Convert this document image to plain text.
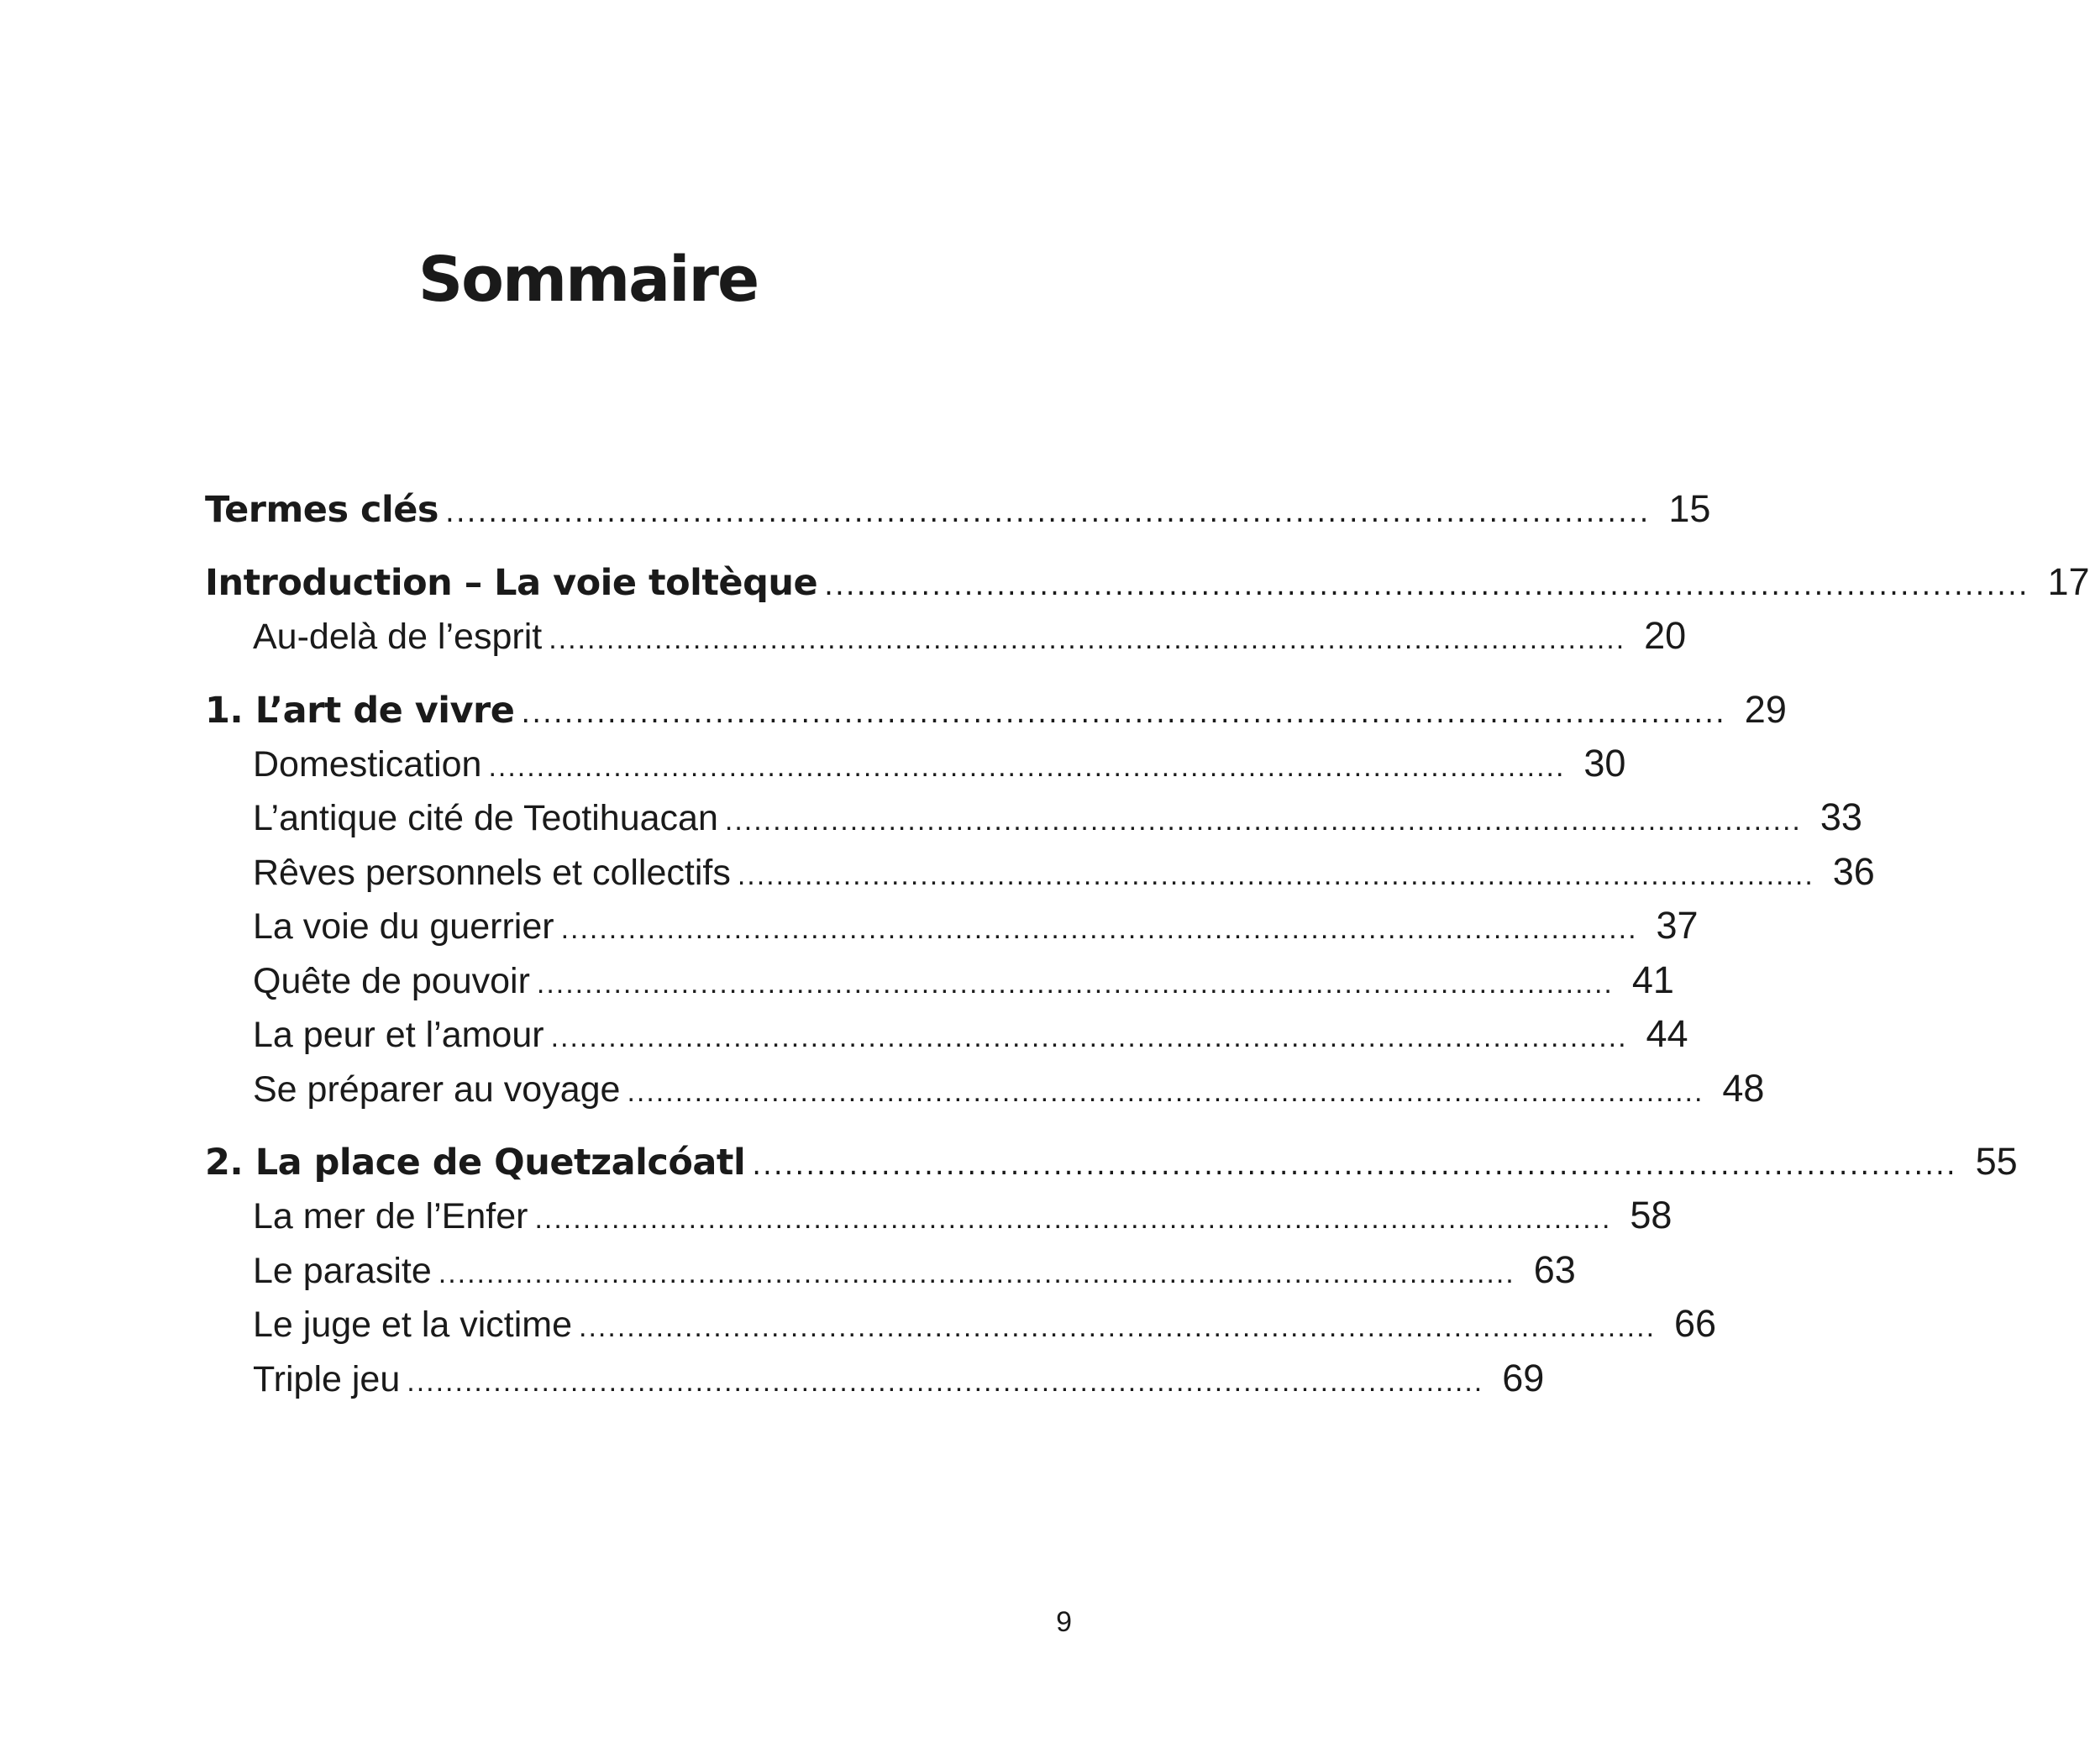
Sommaire
Termes clés ................................................................................................................ 15
Introduction – La voie toltèque ................................................................................................................ 17
Au-delà de l’esprit ................................................................................................................ 20
1. L’art de vivre ................................................................................................................ 29
Domestication ................................................................................................................ 30
L’antique cité de Teotihuacan ................................................................................................................ 33
Rêves personnels et collectifs ................................................................................................................ 36
La voie du guerrier ................................................................................................................ 37
Quête de pouvoir ................................................................................................................ 41
La peur et l’amour ................................................................................................................ 44
Se préparer au voyage ................................................................................................................ 48
2. La place de Quetzalcóatl ................................................................................................................ 55
La mer de l’Enfer ................................................................................................................ 58
Le parasite ................................................................................................................ 63
Le juge et la victime ................................................................................................................ 66
Triple jeu ................................................................................................................ 69
9
